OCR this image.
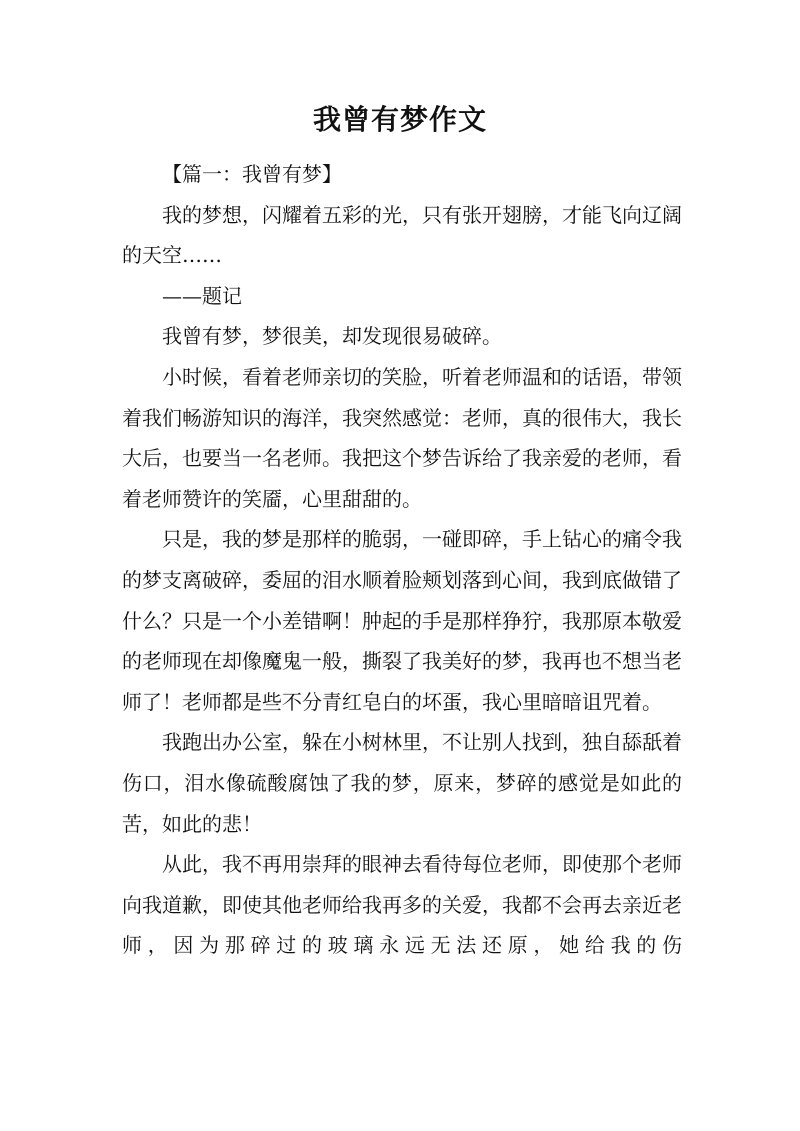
我曾有梦作文

【篇一：我曾有梦】

我的梦想，闪耀着五彩的光，只有张开翅膀，才能飞向辽阔的天空……

——题记

我曾有梦，梦很美，却发现很易破碎。

小时候，看着老师亲切的笑脸，听着老师温和的话语，带领着我们畅游知识的海洋，我突然感觉：老师，真的很伟大，我长大后，也要当一名老师。我把这个梦告诉给了我亲爱的老师，看着老师赞许的笑靥，心里甜甜的。

只是，我的梦是那样的脆弱，一碰即碎，手上钻心的痛令我的梦支离破碎，委屈的泪水顺着脸颊划落到心间，我到底做错了什么？只是一个小差错啊！肿起的手是那样狰狞，我那原本敬爱的老师现在却像魔鬼一般，撕裂了我美好的梦，我再也不想当老师了！老师都是些不分青红皂白的坏蛋，我心里暗暗诅咒着。

我跑出办公室，躲在小树林里，不让别人找到，独自舔舐着伤口，泪水像硫酸腐蚀了我的梦，原来，梦碎的感觉是如此的苦，如此的悲！

从此，我不再用崇拜的眼神去看待每位老师，即使那个老师向我道歉，即使其他老师给我再多的关爱，我都不会再去亲近老师，因为那碎过的玻璃永远无法还原，她给我的伤
